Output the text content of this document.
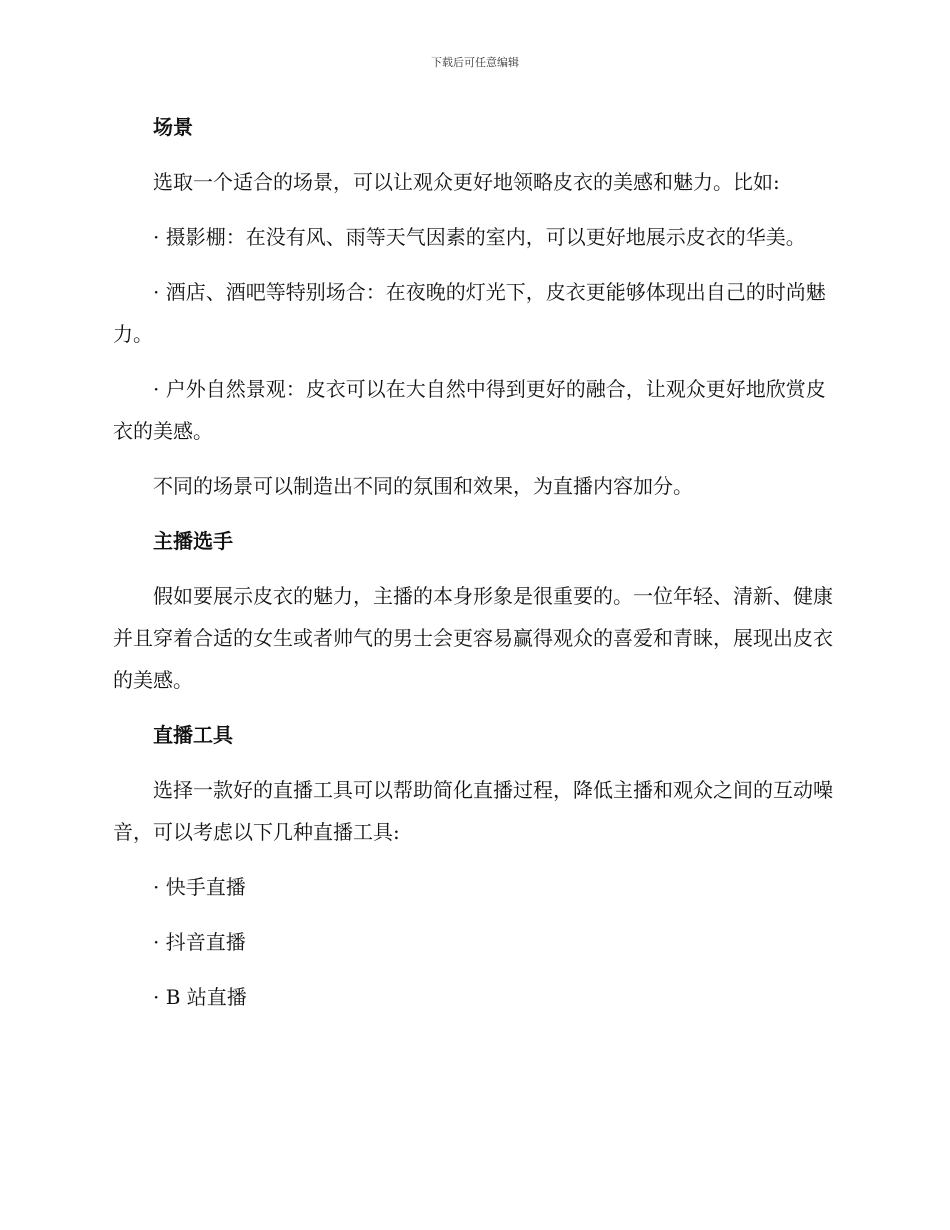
下载后可任意编辑
场景

选取一个适合的场景，可以让观众更好地领略皮衣的美感和魅力。比如:

· 摄影棚：在没有风、雨等天气因素的室内，可以更好地展示皮衣的华美。

· 酒店、酒吧等特别场合：在夜晚的灯光下，皮衣更能够体现出自己的时尚魅力。

· 户外自然景观：皮衣可以在大自然中得到更好的融合，让观众更好地欣赏皮衣的美感。

不同的场景可以制造出不同的氛围和效果，为直播内容加分。

主播选手

假如要展示皮衣的魅力，主播的本身形象是很重要的。一位年轻、清新、健康并且穿着合适的女生或者帅气的男士会更容易赢得观众的喜爱和青睐，展现出皮衣的美感。

直播工具

选择一款好的直播工具可以帮助简化直播过程，降低主播和观众之间的互动噪音，可以考虑以下几种直播工具:

· 快手直播

· 抖音直播

· B 站直播
